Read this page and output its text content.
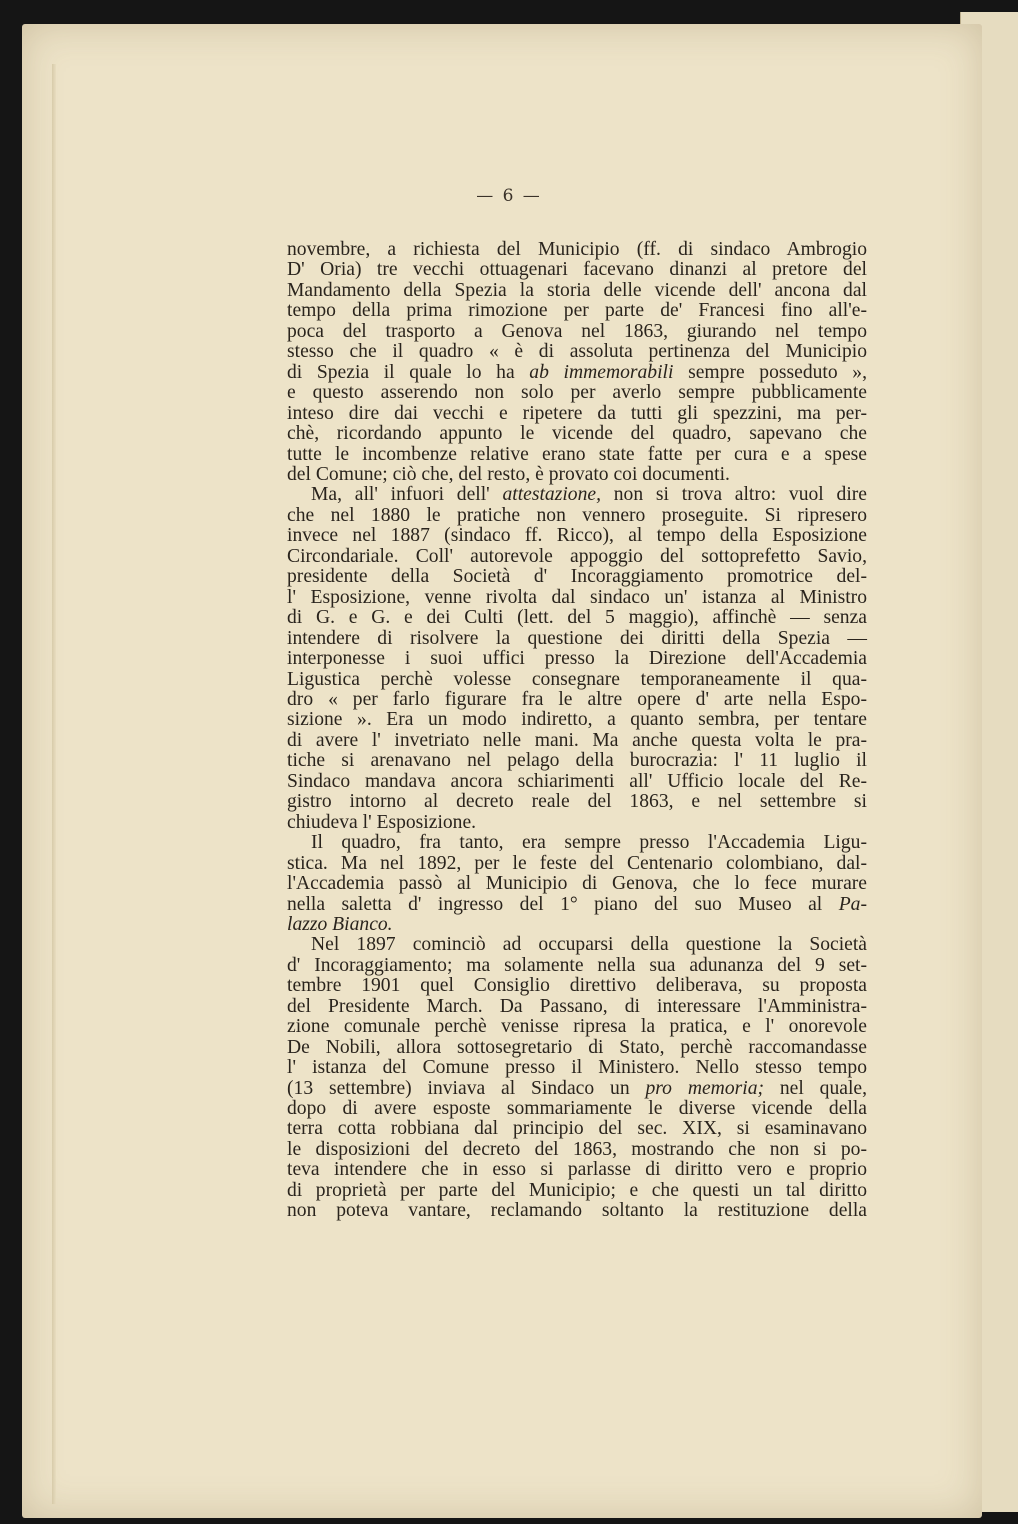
— 6 —
novembre, a richiesta del Municipio (ff. di sindaco Ambrogio
D' Oria) tre vecchi ottuagenari facevano dinanzi al pretore del
Mandamento della Spezia la storia delle vicende dell' ancona dal
tempo della prima rimozione per parte de' Francesi fino all'e-
poca del trasporto a Genova nel 1863, giurando nel tempo
stesso che il quadro « è di assoluta pertinenza del Municipio
di Spezia il quale lo ha ab immemorabili sempre posseduto »,
e questo asserendo non solo per averlo sempre pubblicamente
inteso dire dai vecchi e ripetere da tutti gli spezzini, ma per-
chè, ricordando appunto le vicende del quadro, sapevano che
tutte le incombenze relative erano state fatte per cura e a spese
del Comune; ciò che, del resto, è provato coi documenti.
Ma, all' infuori dell' attestazione, non si trova altro: vuol dire
che nel 1880 le pratiche non vennero proseguite. Si ripresero
invece nel 1887 (sindaco ff. Ricco), al tempo della Esposizione
Circondariale. Coll' autorevole appoggio del sottoprefetto Savio,
presidente della Società d' Incoraggiamento promotrice del-
l' Esposizione, venne rivolta dal sindaco un' istanza al Ministro
di G. e G. e dei Culti (lett. del 5 maggio), affinchè — senza
intendere di risolvere la questione dei diritti della Spezia —
interponesse i suoi uffici presso la Direzione dell'Accademia
Ligustica perchè volesse consegnare temporaneamente il qua-
dro « per farlo figurare fra le altre opere d' arte nella Espo-
sizione ». Era un modo indiretto, a quanto sembra, per tentare
di avere l' invetriato nelle mani. Ma anche questa volta le pra-
tiche si arenavano nel pelago della burocrazia: l' 11 luglio il
Sindaco mandava ancora schiarimenti all' Ufficio locale del Re-
gistro intorno al decreto reale del 1863, e nel settembre si
chiudeva l' Esposizione.
Il quadro, fra tanto, era sempre presso l'Accademia Ligu-
stica. Ma nel 1892, per le feste del Centenario colombiano, dal-
l'Accademia passò al Municipio di Genova, che lo fece murare
nella saletta d' ingresso del 1° piano del suo Museo al Pa-
lazzo Bianco.
Nel 1897 cominciò ad occuparsi della questione la Società
d' Incoraggiamento; ma solamente nella sua adunanza del 9 set-
tembre 1901 quel Consiglio direttivo deliberava, su proposta
del Presidente March. Da Passano, di interessare l'Amministra-
zione comunale perchè venisse ripresa la pratica, e l' onorevole
De Nobili, allora sottosegretario di Stato, perchè raccomandasse
l' istanza del Comune presso il Ministero. Nello stesso tempo
(13 settembre) inviava al Sindaco un pro memoria; nel quale,
dopo di avere esposte sommariamente le diverse vicende della
terra cotta robbiana dal principio del sec. XIX, si esaminavano
le disposizioni del decreto del 1863, mostrando che non si po-
teva intendere che in esso si parlasse di diritto vero e proprio
di proprietà per parte del Municipio; e che questi un tal diritto
non poteva vantare, reclamando soltanto la restituzione della
